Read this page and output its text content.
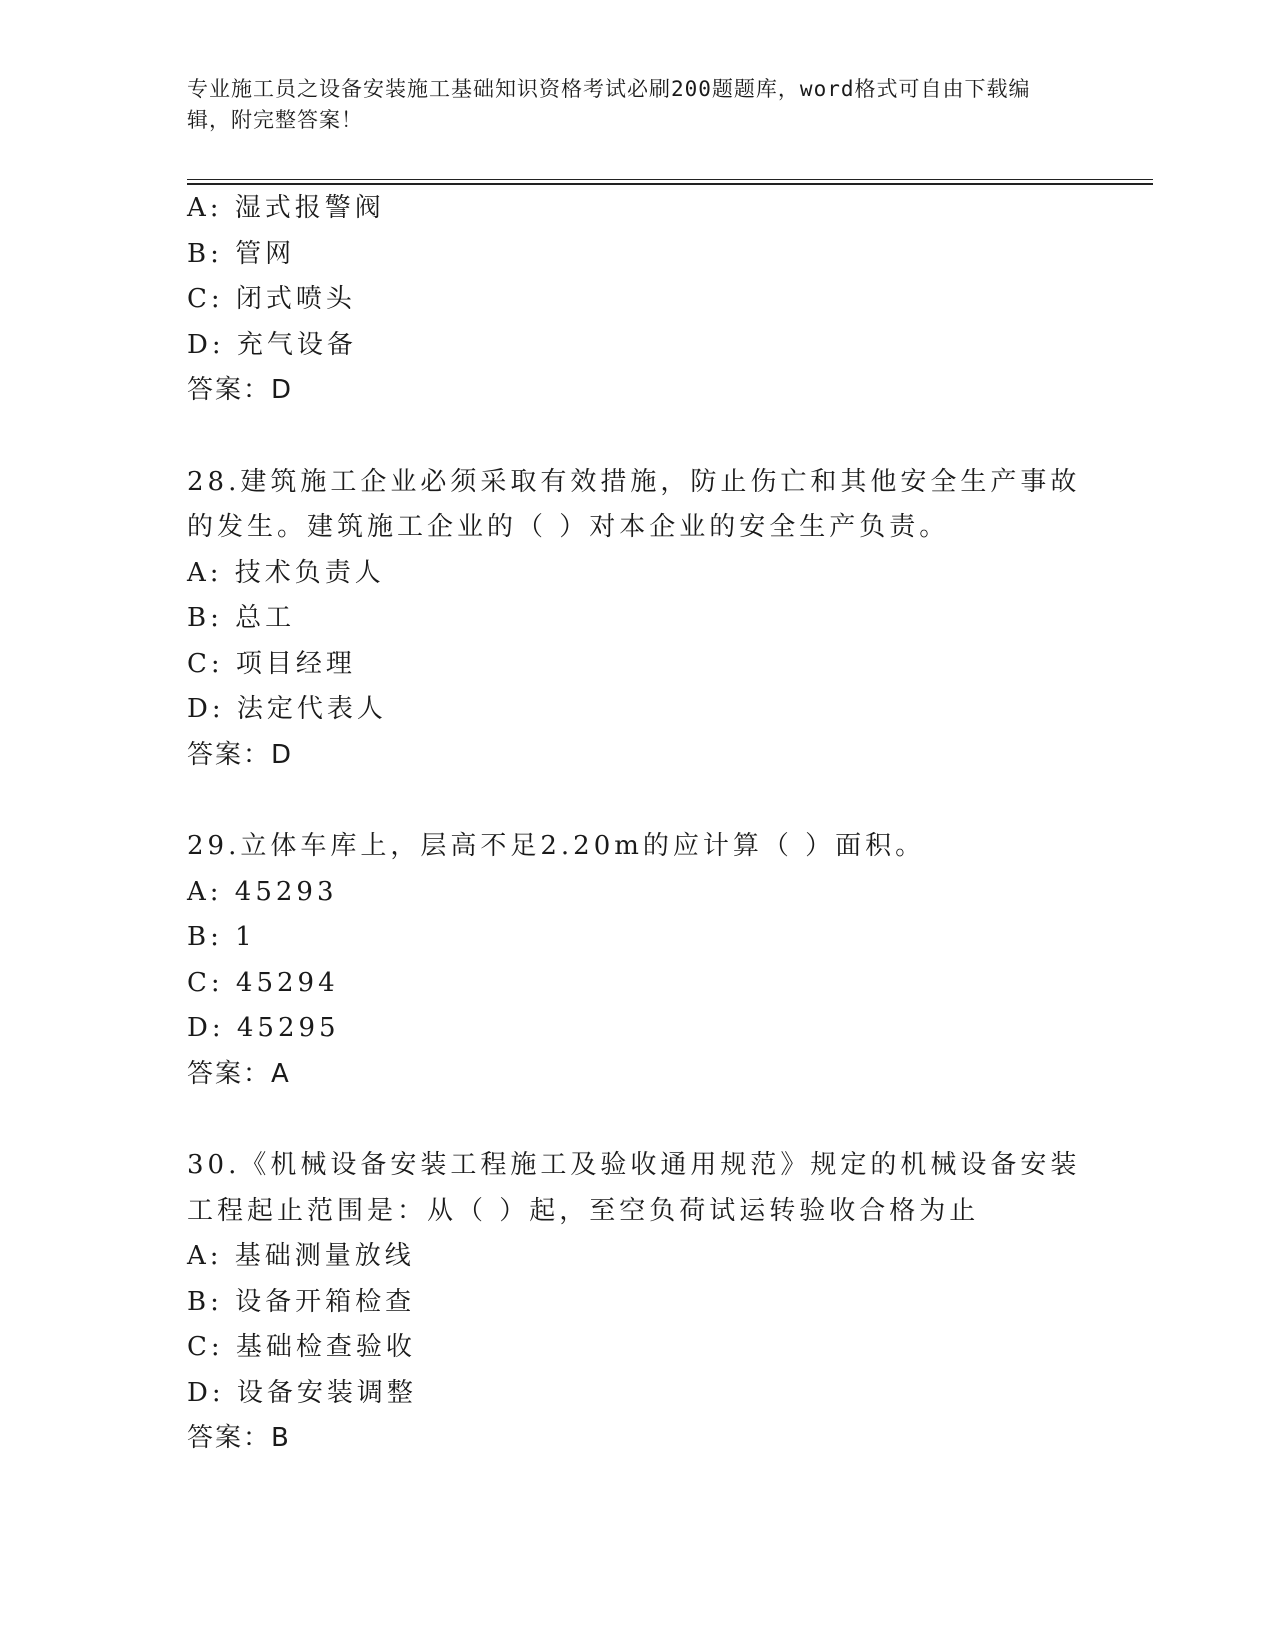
专业施工员之设备安装施工基础知识资格考试必刷200题题库，word格式可自由下载编辑，附完整答案！
A: 湿式报警阀
B: 管网
C: 闭式喷头
D: 充气设备
答案：D
28.建筑施工企业必须采取有效措施，防止伤亡和其他安全生产事故的发生。建筑施工企业的（ ）对本企业的安全生产负责。
A: 技术负责人
B: 总工
C: 项目经理
D: 法定代表人
答案：D
29.立体车库上，层高不足2.20m的应计算（ ）面积。
A: 45293
B: 1
C: 45294
D: 45295
答案：A
30.《机械设备安装工程施工及验收通用规范》规定的机械设备安装工程起止范围是：从（ ）起，至空负荷试运转验收合格为止
A: 基础测量放线
B: 设备开箱检查
C: 基础检查验收
D: 设备安装调整
答案：B
